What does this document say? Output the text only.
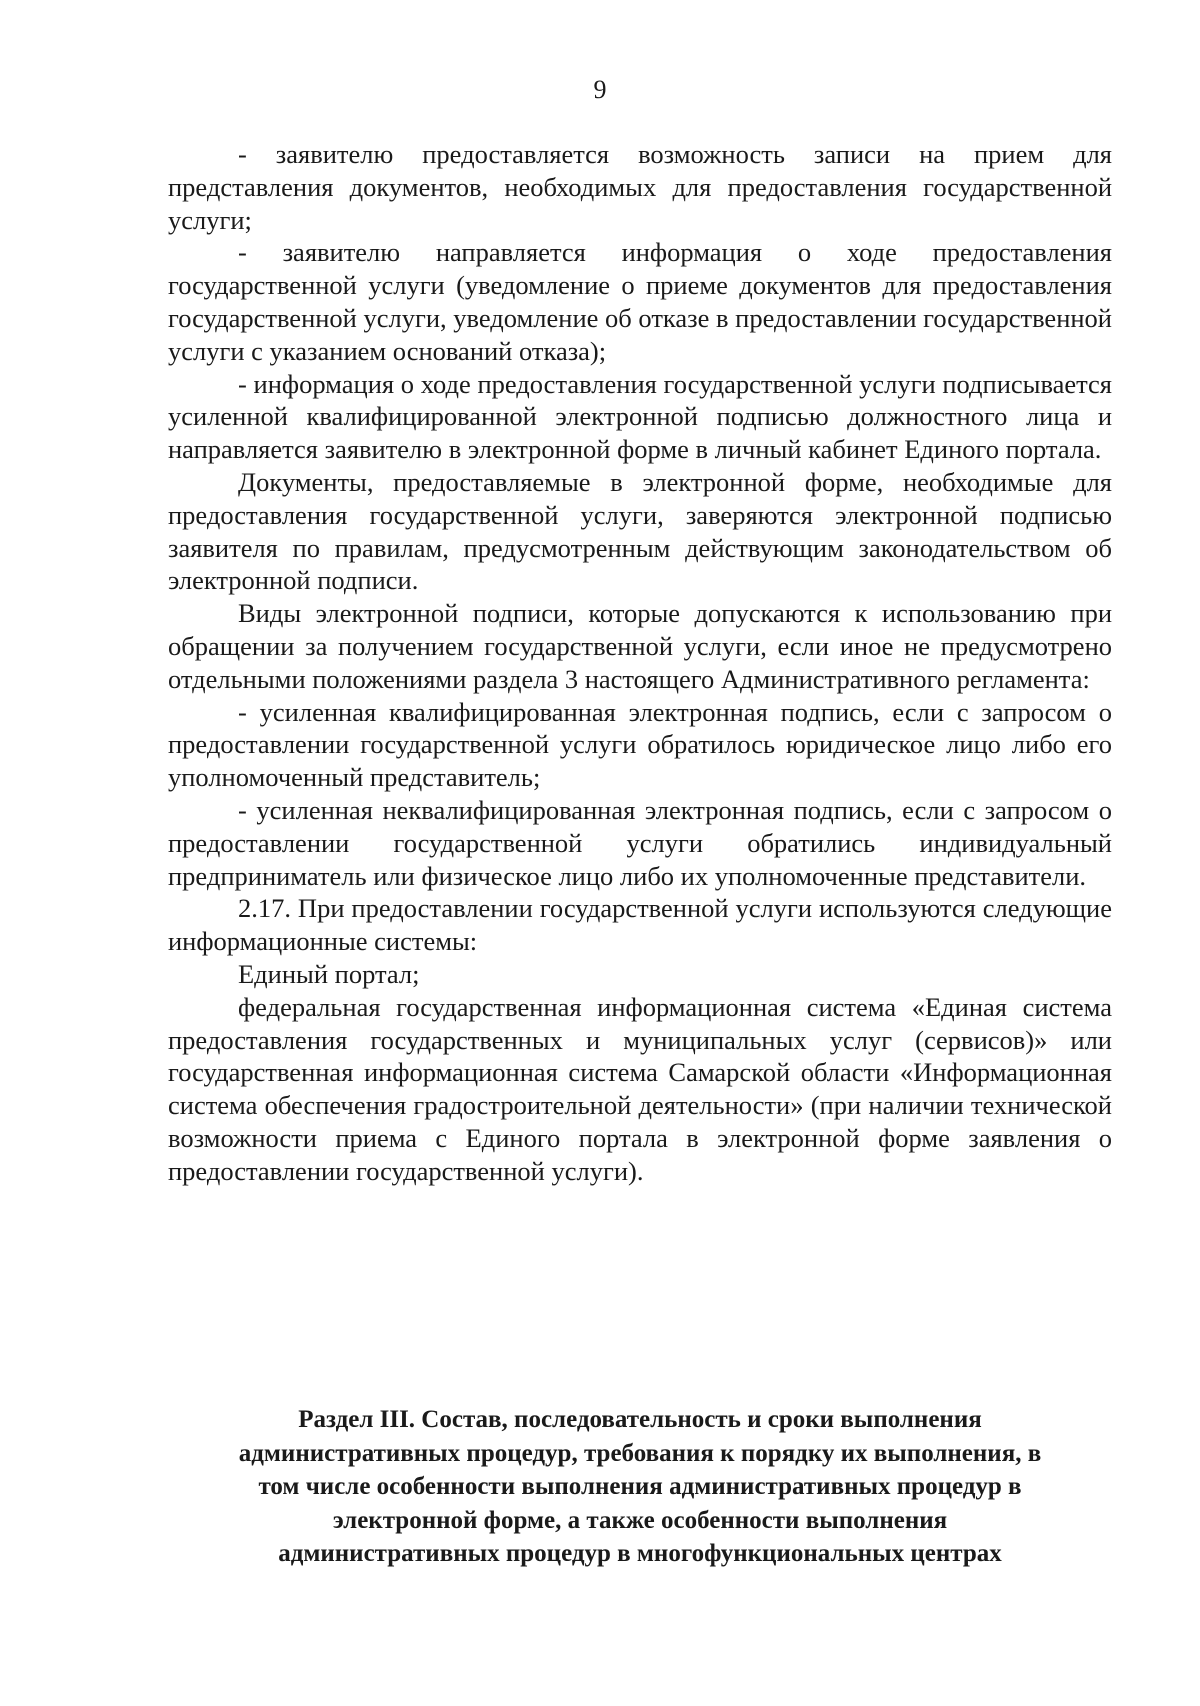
9

- заявителю предоставляется возможность записи на прием для представления документов, необходимых для предоставления государственной услуги;

- заявителю направляется информация о ходе предоставления государственной услуги (уведомление о приеме документов для предоставления государственной услуги, уведомление об отказе в предоставлении государственной услуги с указанием оснований отказа);

- информация о ходе предоставления государственной услуги подписывается усиленной квалифицированной электронной подписью должностного лица и направляется заявителю в электронной форме в личный кабинет Единого портала.

Документы, предоставляемые в электронной форме, необходимые для предоставления государственной услуги, заверяются электронной подписью заявителя по правилам, предусмотренным действующим законодательством об электронной подписи.

Виды электронной подписи, которые допускаются к использованию при обращении за получением государственной услуги, если иное не предусмотрено отдельными положениями раздела 3 настоящего Административного регламента:

- усиленная квалифицированная электронная подпись, если с запросом о предоставлении государственной услуги обратилось юридическое лицо либо его уполномоченный представитель;

- усиленная неквалифицированная электронная подпись, если с запросом о предоставлении государственной услуги обратились индивидуальный предприниматель или физическое лицо либо их уполномоченные представители.

2.17. При предоставлении государственной услуги используются следующие информационные системы:

Единый портал;

федеральная государственная информационная система «Единая система предоставления государственных и муниципальных услуг (сервисов)» или государственная информационная система Самарской области «Информационная система обеспечения градостроительной деятельности» (при наличии технической возможности приема с Единого портала в электронной форме заявления о предоставлении государственной услуги).

Раздел III. Состав, последовательность и сроки выполнения
административных процедур, требования к порядку их выполнения, в
том числе особенности выполнения административных процедур в
электронной форме, а также особенности выполнения
административных процедур в многофункциональных центрах
